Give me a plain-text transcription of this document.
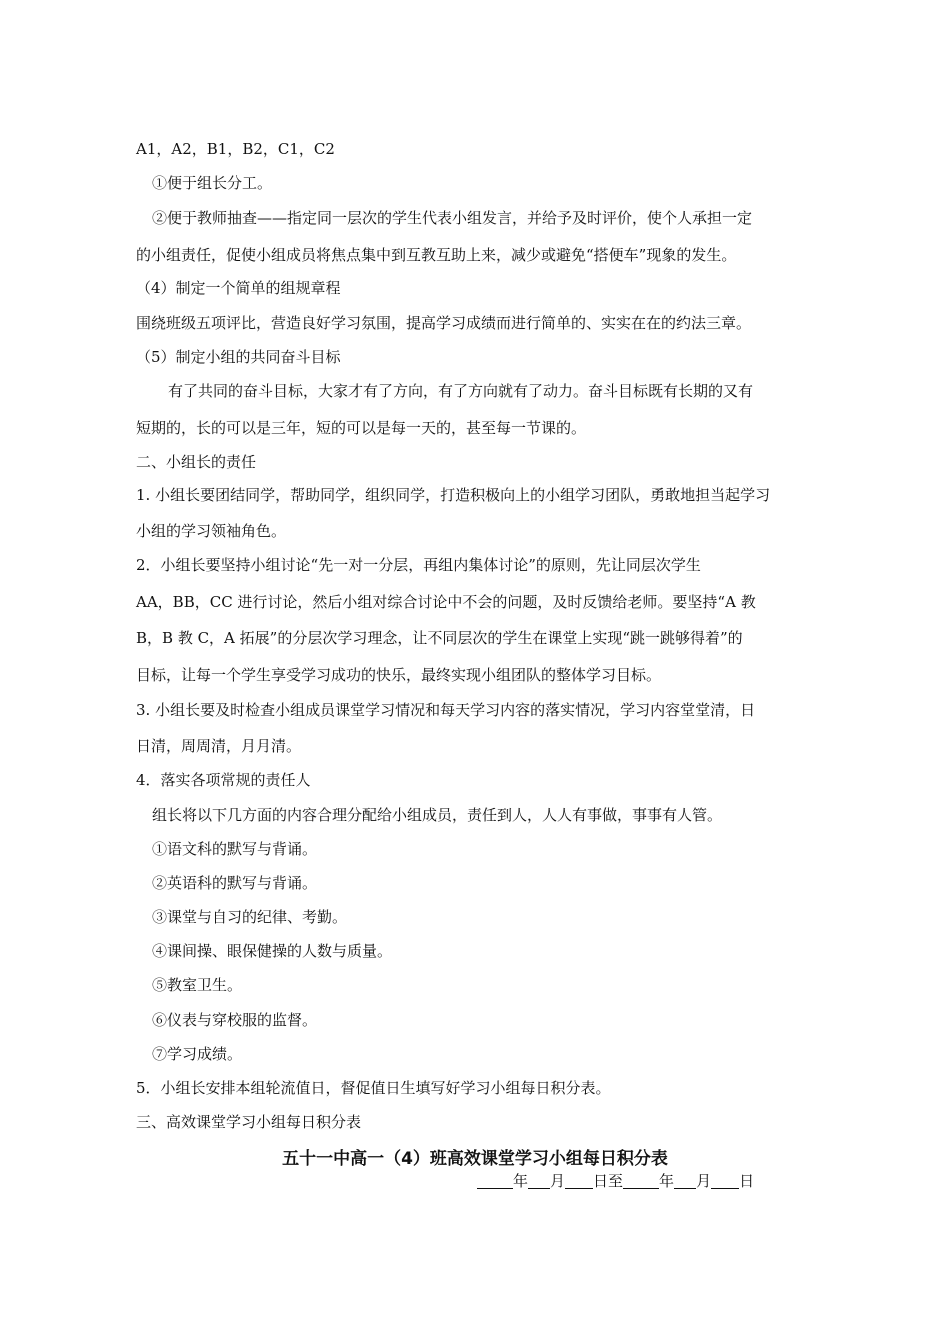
A1，A2，B1，B2，C1，C2
①便于组长分工。
②便于教师抽查——指定同一层次的学生代表小组发言，并给予及时评价，使个人承担一定
的小组责任，促使小组成员将焦点集中到互教互助上来，减少或避免“搭便车”现象的发生。
（4）制定一个简单的组规章程
围绕班级五项评比，营造良好学习氛围，提高学习成绩而进行简单的、实实在在的约法三章。
（5）制定小组的共同奋斗目标
有了共同的奋斗目标，大家才有了方向，有了方向就有了动力。奋斗目标既有长期的又有
短期的，长的可以是三年，短的可以是每一天的，甚至每一节课的。
二、小组长的责任
1. 小组长要团结同学，帮助同学，组织同学，打造积极向上的小组学习团队，勇敢地担当起学习
小组的学习领袖角色。
2．小组长要坚持小组讨论“先一对一分层，再组内集体讨论”的原则，先让同层次学生
AA，BB，CC 进行讨论，然后小组对综合讨论中不会的问题，及时反馈给老师。要坚持“A 教
B，B 教 C，A 拓展”的分层次学习理念，让不同层次的学生在课堂上实现“跳一跳够得着”的
目标，让每一个学生享受学习成功的快乐，最终实现小组团队的整体学习目标。
3. 小组长要及时检查小组成员课堂学习情况和每天学习内容的落实情况，学习内容堂堂清，日
日清，周周清，月月清。
4．落实各项常规的责任人
组长将以下几方面的内容合理分配给小组成员，责任到人，人人有事做，事事有人管。
①语文科的默写与背诵。
②英语科的默写与背诵。
③课堂与自习的纪律、考勤。
④课间操、眼保健操的人数与质量。
⑤教室卫生。
⑥仪表与穿校服的监督。
⑦学习成绩。
5．小组长安排本组轮流值日，督促值日生填写好学习小组每日积分表。
三、高效课堂学习小组每日积分表
五十一中高一（4）班高效课堂学习小组每日积分表
年 月 日至 年 月 日
